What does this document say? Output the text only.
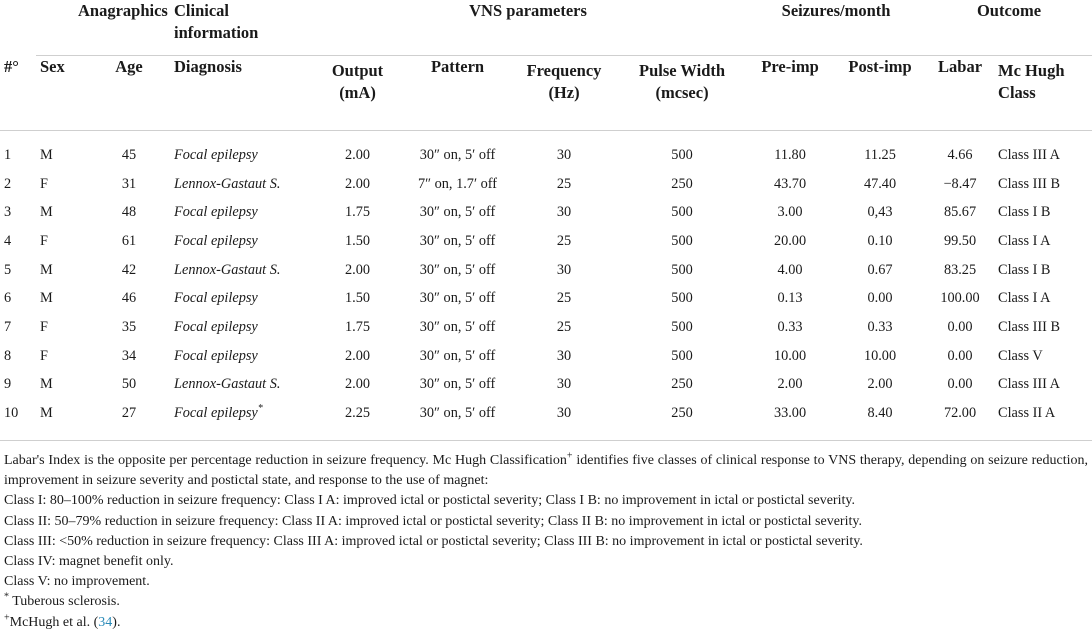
	Anagraphics		Clinical information	VNS parameters				Seizures/month		Outcome	
#°	Sex	Age	Diagnosis	Output (mA)	Pattern	Frequency (Hz)	Pulse Width (mcsec)	Pre-imp	Post-imp	Labar	Mc Hugh Class
1	M	45	Focal epilepsy	2.00	30″ on, 5′ off	30	500	11.80	11.25	4.66	Class III A
2	F	31	Lennox-Gastaut S.	2.00	7″ on, 1.7′ off	25	250	43.70	47.40	−8.47	Class III B
3	M	48	Focal epilepsy	1.75	30″ on, 5′ off	30	500	3.00	0,43	85.67	Class I B
4	F	61	Focal epilepsy	1.50	30″ on, 5′ off	25	500	20.00	0.10	99.50	Class I A
5	M	42	Lennox-Gastaut S.	2.00	30″ on, 5′ off	30	500	4.00	0.67	83.25	Class I B
6	M	46	Focal epilepsy	1.50	30″ on, 5′ off	25	500	0.13	0.00	100.00	Class I A
7	F	35	Focal epilepsy	1.75	30″ on, 5′ off	25	500	0.33	0.33	0.00	Class III B
8	F	34	Focal epilepsy	2.00	30″ on, 5′ off	30	500	10.00	10.00	0.00	Class V
9	M	50	Lennox-Gastaut S.	2.00	30″ on, 5′ off	30	250	2.00	2.00	0.00	Class III A
10	M	27	Focal epilepsy*	2.25	30″ on, 5′ off	30	250	33.00	8.40	72.00	Class II A

Labar's Index is the opposite per percentage reduction in seizure frequency. Mc Hugh Classification+ identifies five classes of clinical response to VNS therapy, depending on seizure reduction, improvement in seizure severity and postictal state, and response to the use of magnet:

Class I: 80–100% reduction in seizure frequency: Class I A: improved ictal or postictal severity; Class I B: no improvement in ictal or postictal severity.

Class II: 50–79% reduction in seizure frequency: Class II A: improved ictal or postictal severity; Class II B: no improvement in ictal or postictal severity.

Class III: <50% reduction in seizure frequency: Class III A: improved ictal or postictal severity; Class III B: no improvement in ictal or postictal severity.

Class IV: magnet benefit only.

Class V: no improvement.

* Tuberous sclerosis.

+McHugh et al. (34).
